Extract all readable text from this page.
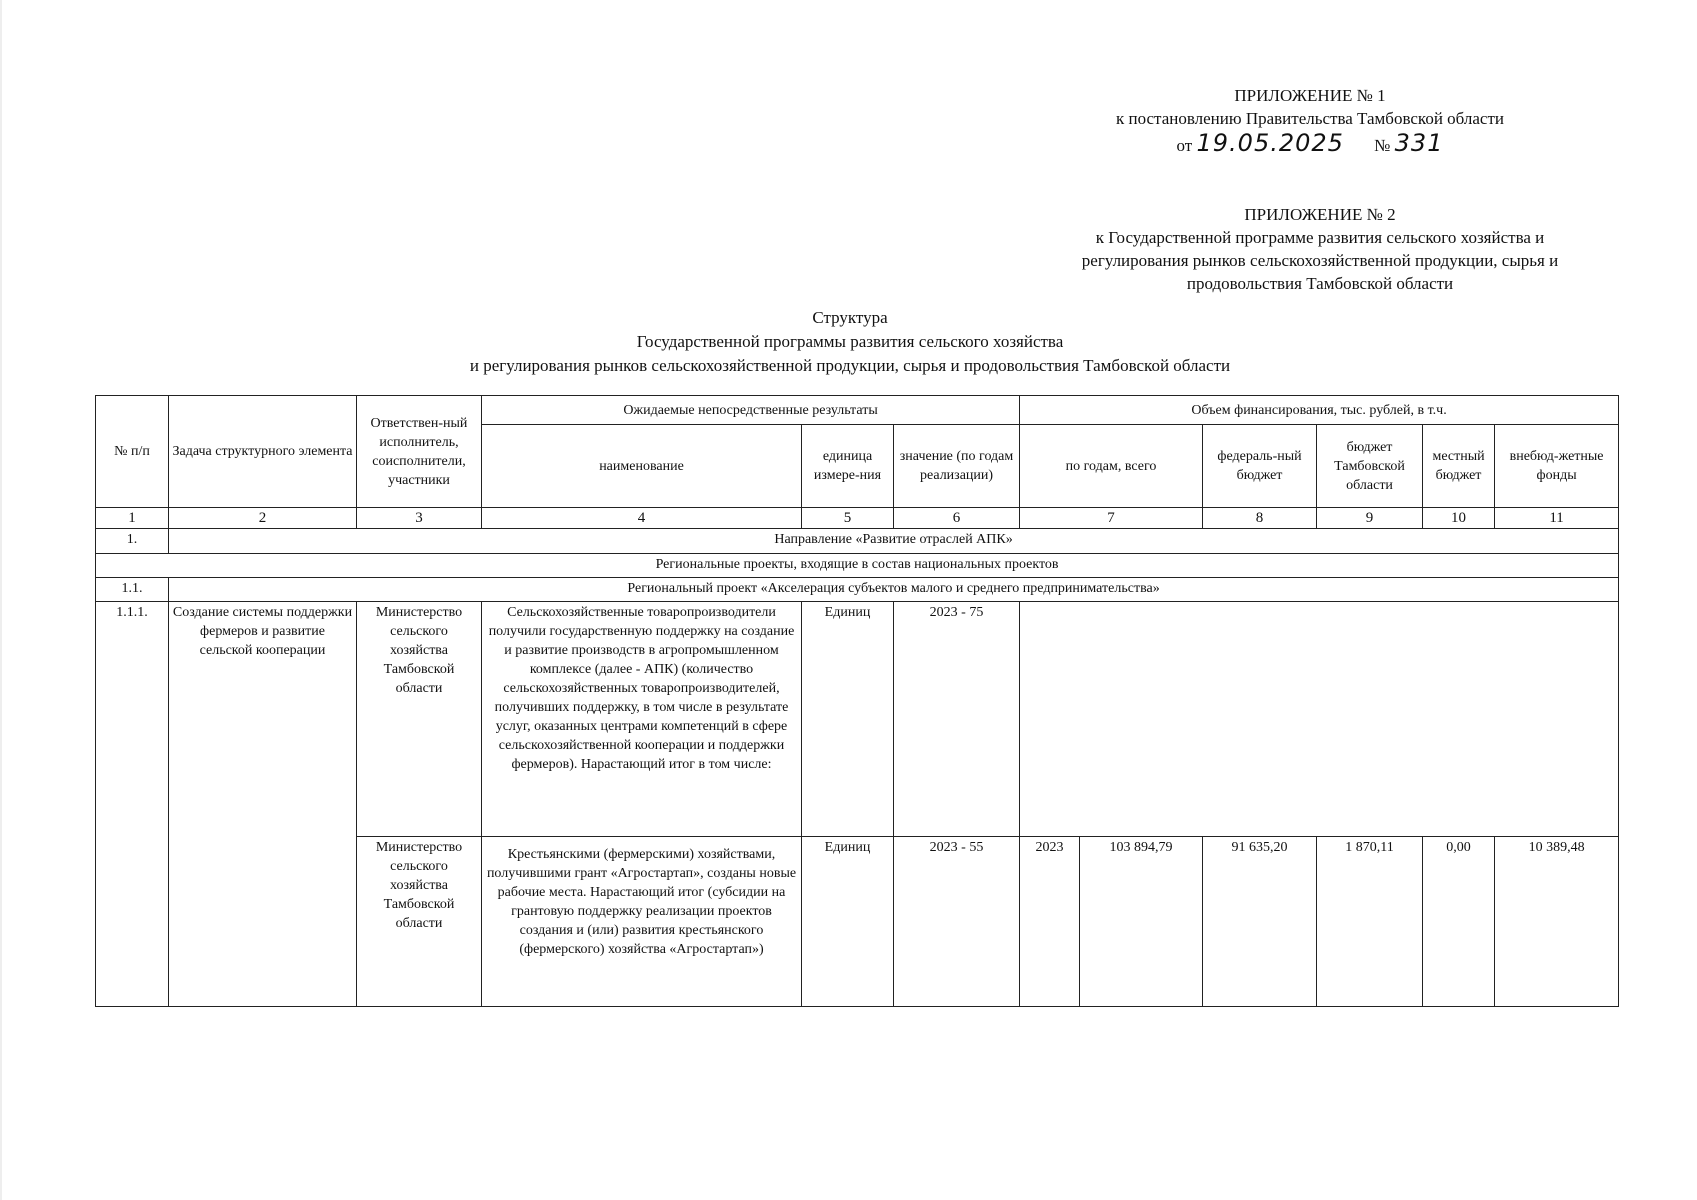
ПРИЛОЖЕНИЕ № 1
к постановлению Правительства Тамбовской области
от 19.05.2025 № 331
ПРИЛОЖЕНИЕ № 2
к Государственной программе развития сельского хозяйства и
регулирования рынков сельскохозяйственной продукции, сырья и
продовольствия Тамбовской области
Структура
Государственной программы развития сельского хозяйства
и регулирования рынков сельскохозяйственной продукции, сырья и продовольствия Тамбовской области
№ п/п	Задача структурного элемента	Ответствен-ный исполнитель, соисполнители, участники	Ожидаемые непосредственные результаты			Объем финансирования, тыс. рублей, в т.ч.					
			наименование	единица измере-ния	значение (по годам реализации)	по годам, всего		федераль-ный бюджет	бюджет Тамбовской области	местный бюджет	внебюд-жетные фонды
1	2	3	4	5	6	7		8	9	10	11
1.	Направление «Развитие отраслей АПК»										
Региональные проекты, входящие в состав национальных проектов											
1.1.	Региональный проект «Акселерация субъектов малого и среднего предпринимательства»										
1.1.1.	Создание системы поддержки фермеров и развитие сельской кооперации	Министерство сельского хозяйства Тамбовской области	Сельскохозяйственные товаропроизводители получили государственную поддержку на создание и развитие производств в агропромышленном комплексе (далее - АПК) (количество сельскохозяйственных товаропроизводителей, получивших поддержку, в том числе в результате услуг, оказанных центрами компетенций в сфере сельскохозяйственной кооперации и поддержки фермеров). Нарастающий итог в том числе:	Единиц	2023 - 75						
		Министерство сельского хозяйства Тамбовской области	Крестьянскими (фермерскими) хозяйствами, получившими грант «Агростартап», созданы новые рабочие места. Нарастающий итог (субсидии на грантовую поддержку реализации проектов создания и (или) развития крестьянского (фермерского) хозяйства «Агростартап»)	Единиц	2023 - 55	2023	103 894,79	91 635,20	1 870,11	0,00	10 389,48
